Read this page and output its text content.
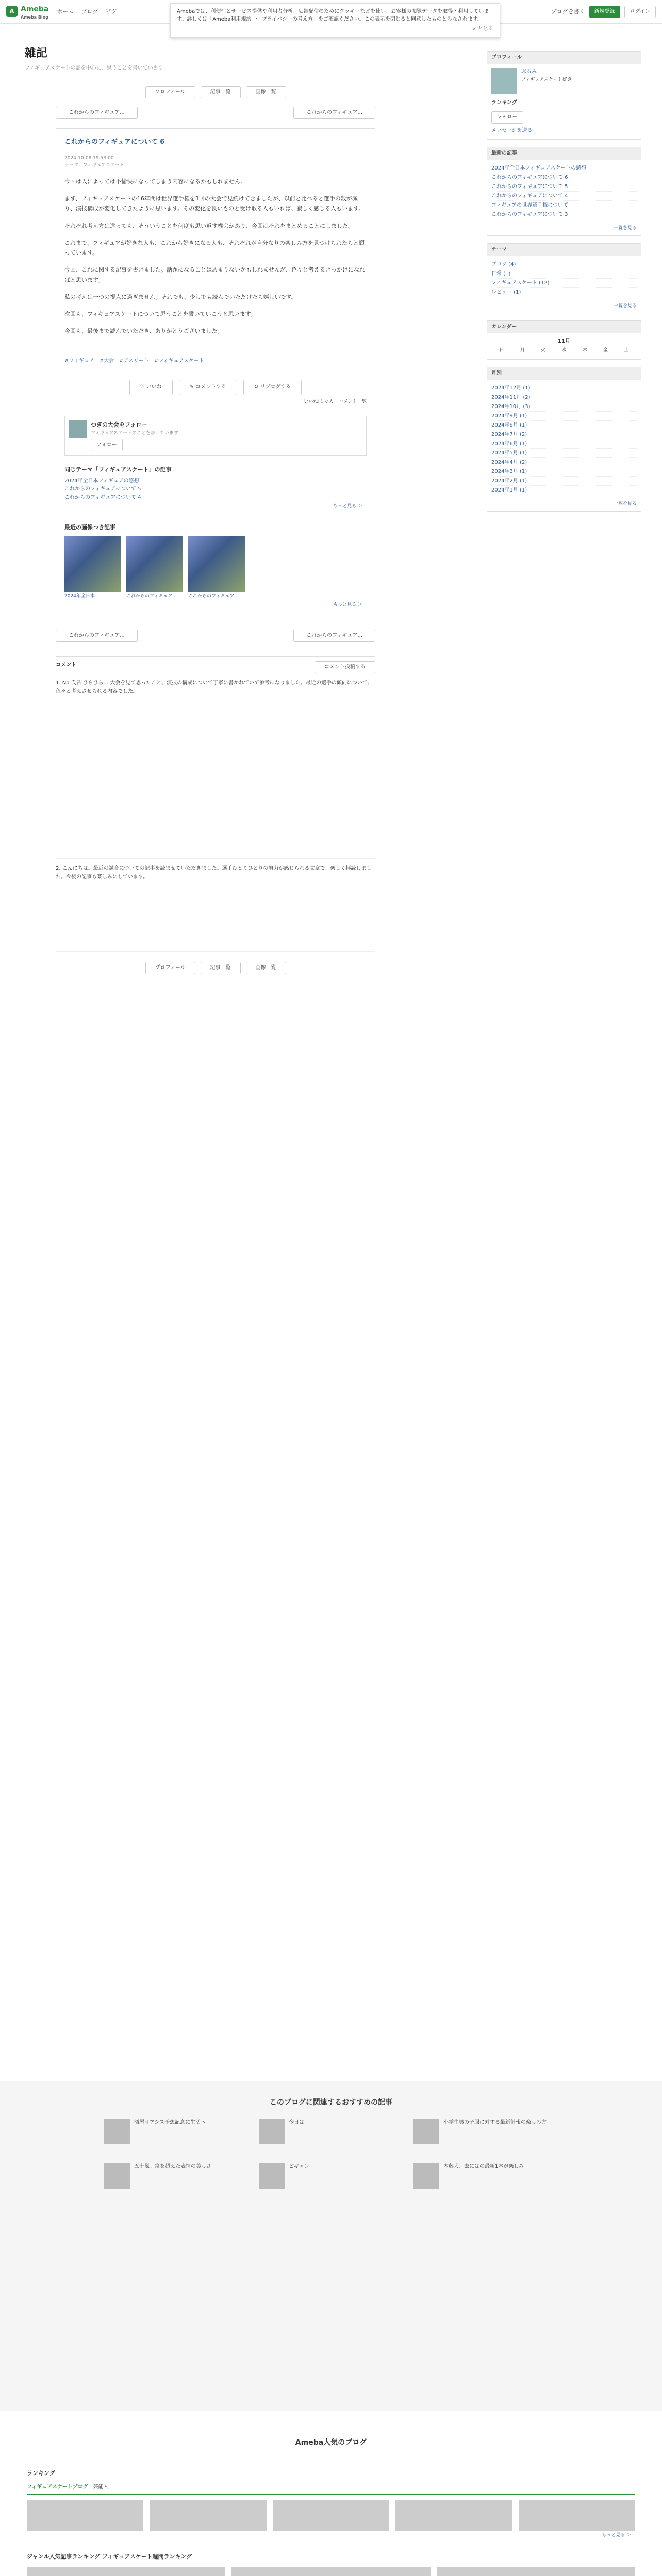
A Ameba
Ameba Blog
ホーム ブログ ピグ	ブログを書く	新規登録	ログイン
Amebaでは、利便性とサービス提供や利用者分析、広告配信のためにクッキーなどを使い、お客様の閲覧データを取得・利用しています。詳しくは「Ameba利用規約」・「プライバシーの考え方」をご確認ください。この表示を閉じると同意したものとみなされます。
× とじる
雑記
フィギュアスケートの話を中心に、思うことを書いています。
プロフィール	記事一覧	画像一覧
これからのフィギュア...	これからのフィギュア...
これからのフィギュアについて 6
2024-10-08 19:53:00
テーマ：フィギュアスケート

今回は人によっては不愉快になってしまう内容になるかもしれません。

まず、フィギュアスケートの16年間は世界選手権を3回の大会で見続けてきましたが、以前と比べると選手の数が減り、演技構成が変化してきたように思います。その変化を良いものと受け取る人もいれば、寂しく感じる人もいます。

それぞれ考え方は違っても、そういうことを何度も思い返す機会があり、今回はそれをまとめることにしました。

これまで、フィギュアが好きな人も、これから好きになる人も、それぞれが自分なりの楽しみ方を見つけられたらと願っています。

今回、これに関する記事を書きました。話題になることはあまりないかもしれませんが、色々と考えるきっかけになればと思います。

私の考えは一つの視点に過ぎません。それでも、少しでも読んでいただけたら嬉しいです。

次回も、フィギュアスケートについて思うことを書いていこうと思います。

今回も、最後まで読んでいただき、ありがとうございました。

#フィギュア #大会 #アスリート #フィギュアスケート
♡ いいね	✎ コメントする	↻ リブログする
いいね!した人 コメント一覧
つぎの大会をフォロー
フィギュアスケートのことを書いています
フォロー
同じテーマ「フィギュアスケート」の記事
2024年全日本フィギュアの感想
これからのフィギュアについて 5
これからのフィギュアについて 4
もっと見る ＞
最近の画像つき記事
2024年全日本...	これからのフィギュア...	これからのフィギュア...
もっと見る ＞
これからのフィギュア...	これからのフィギュア...
コメント	コメント投稿する
1. No.氏名 ひらひら... 大会を見て思ったこと、演技の構成について丁寧に書かれていて参考になりました。最近の選手の傾向について、色々と考えさせられる内容でした。
2. こんにちは。最近の試合についての記事を読ませていただきました。選手ひとりひとりの努力が感じられる文章で、楽しく拝読しました。今後の記事も楽しみにしています。
プロフィール	記事一覧	画像一覧
プロフィール
ぶるみ
フィギュアスケート好き
ランキング
フォロー
メッセージを送る
最新の記事
2024年全日本フィギュアスケートの感想
これからのフィギュアについて 6
これからのフィギュアについて 5
これからのフィギュアについて 4
フィギュアの世界選手権について
これからのフィギュアについて 3
一覧を見る
テーマ
ブログ (4)
日常 (1)
フィギュアスケート (12)
レビュー (1)
一覧を見る
カレンダー
11月
日	月	火	水	木	金	土
月別
2024年12月 (1)
2024年11月 (2)
2024年10月 (3)
2024年9月 (1)
2024年8月 (1)
2024年7月 (2)
2024年6月 (1)
2024年5月 (1)
2024年4月 (2)
2024年3月 (1)
2024年2月 (1)
2024年1月 (1)
一覧を見る
このブログに関連するおすすめの記事
酒屋オアシス予想記念に生活へ	今日は	小学生男の子服に対する最新計報の楽しみ方
五十嵐。富を超えた表情の美しさ	ピギャン	内藤大、去にはの最新1本が楽しみ
Ameba人気のブログ
ランキング
フィギュアスケートブログ 芸能人
もっと見る ＞
ジャンル人気記事ランキング フィギュアスケート週間ランキング
